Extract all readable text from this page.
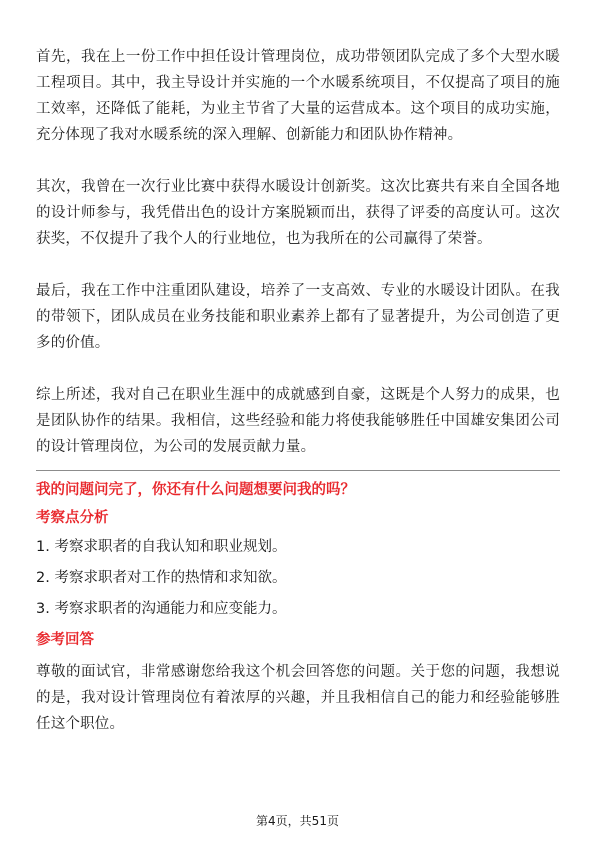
首先，我在上一份工作中担任设计管理岗位，成功带领团队完成了多个大型水暖工程项目。其中，我主导设计并实施的一个水暖系统项目，不仅提高了项目的施工效率，还降低了能耗，为业主节省了大量的运营成本。这个项目的成功实施，充分体现了我对水暖系统的深入理解、创新能力和团队协作精神。

其次，我曾在一次行业比赛中获得水暖设计创新奖。这次比赛共有来自全国各地的设计师参与，我凭借出色的设计方案脱颖而出，获得了评委的高度认可。这次获奖，不仅提升了我个人的行业地位，也为我所在的公司赢得了荣誉。

最后，我在工作中注重团队建设，培养了一支高效、专业的水暖设计团队。在我的带领下，团队成员在业务技能和职业素养上都有了显著提升，为公司创造了更多的价值。

综上所述，我对自己在职业生涯中的成就感到自豪，这既是个人努力的成果，也是团队协作的结果。我相信，这些经验和能力将使我能够胜任中国雄安集团公司的设计管理岗位，为公司的发展贡献力量。

我的问题问完了，你还有什么问题想要问我的吗？

考察点分析

1. 考察求职者的自我认知和职业规划。
2. 考察求职者对工作的热情和求知欲。
3. 考察求职者的沟通能力和应变能力。

参考回答

尊敬的面试官，非常感谢您给我这个机会回答您的问题。关于您的问题，我想说的是，我对设计管理岗位有着浓厚的兴趣，并且我相信自己的能力和经验能够胜任这个职位。

第4页，共51页
